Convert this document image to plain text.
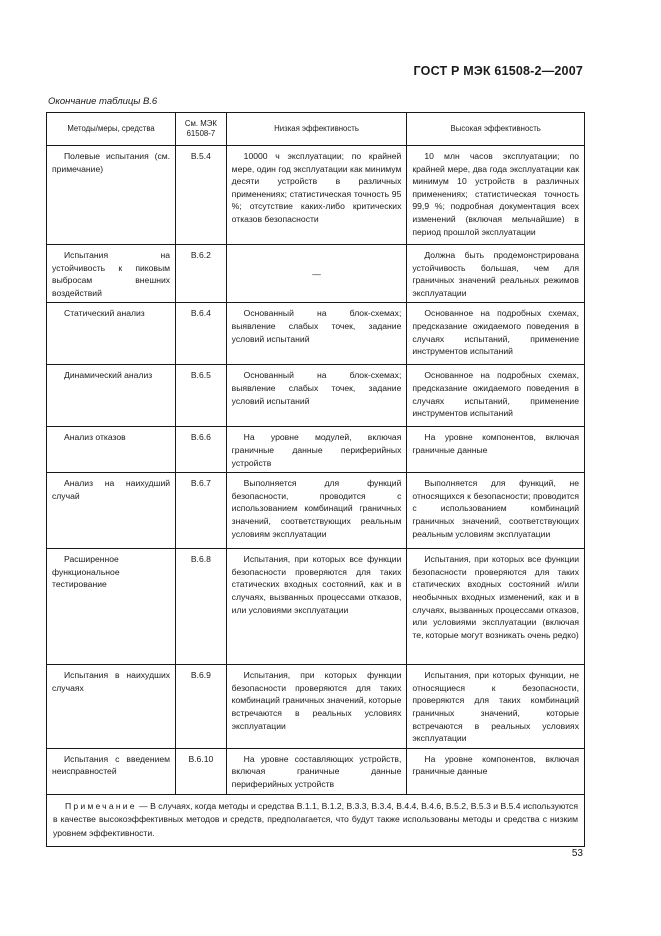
ГОСТ Р МЭК 61508-2—2007
Окончание таблицы В.6
Методы/меры, средства	См. МЭК 61508-7	Низкая эффективность	Высокая эффективность
Полевые испытания (см. примечание)	В.5.4	10000 ч эксплуатации; по крайней мере, один год эксплуатации как минимум десяти устройств в различных применениях; статистическая точность 95 %; отсутствие каких-либо критических отказов безопасности	10 млн часов эксплуатации; по крайней мере, два года эксплуатации как минимум 10 устройств в различных применениях; статистическая точность 99,9 %; подробная документация всех изменений (включая мельчайшие) в период прошлой эксплуатации
Испытания на устойчивость к пиковым выбросам внешних воздействий	В.6.2	—	Должна быть продемонстрирована устойчивость большая, чем для граничных значений реальных режимов эксплуатации
Статический анализ	В.6.4	Основанный на блок-схемах; выявление слабых точек, задание условий испытаний	Основанное на подробных схемах, предсказание ожидаемого поведения в случаях испытаний, применение инструментов испытаний
Динамический анализ	В.6.5	Основанный на блок-схемах; выявление слабых точек, задание условий испытаний	Основанное на подробных схемах, предсказание ожидаемого поведения в случаях испытаний, применение инструментов испытаний
Анализ отказов	В.6.6	На уровне модулей, включая граничные данные периферийных устройств	На уровне компонентов, включая граничные данные
Анализ на наихудший случай	В.6.7	Выполняется для функций безопасности, проводится с использованием комбинаций граничных значений, соответствующих реальным условиям эксплуатации	Выполняется для функций, не относящихся к безопасности; проводится с использованием комбинаций граничных значений, соответствующих реальным условиям эксплуатации
Расширенное функциональное тестирование	В.6.8	Испытания, при которых все функции безопасности проверяются для таких статических входных состояний, как и в случаях, вызванных процессами отказов, или условиями эксплуатации	Испытания, при которых все функции безопасности проверяются для таких статических входных состояний и/или необычных входных изменений, как и в случаях, вызванных процессами отказов, или условиями эксплуатации (включая те, которые могут возникать очень редко)
Испытания в наихудших случаях	В.6.9	Испытания, при которых функции безопасности проверяются для таких комбинаций граничных значений, которые встречаются в реальных условиях эксплуатации	Испытания, при которых функции, не относящиеся к безопасности, проверяются для таких комбинаций граничных значений, которые встречаются в реальных условиях эксплуатации
Испытания с введением неисправностей	В.6.10	На уровне составляющих устройств, включая граничные данные периферийных устройств	На уровне компонентов, включая граничные данные
Примечание — В случаях, когда методы и средства В.1.1, В.1.2, В.3.3, В.3.4, В.4.4, В.4.6, В.5.2, В.5.3 и В.5.4 используются в качестве высокоэффективных методов и средств, предполагается, что будут также использованы методы и средства с низким уровнем эффективности.			
53
